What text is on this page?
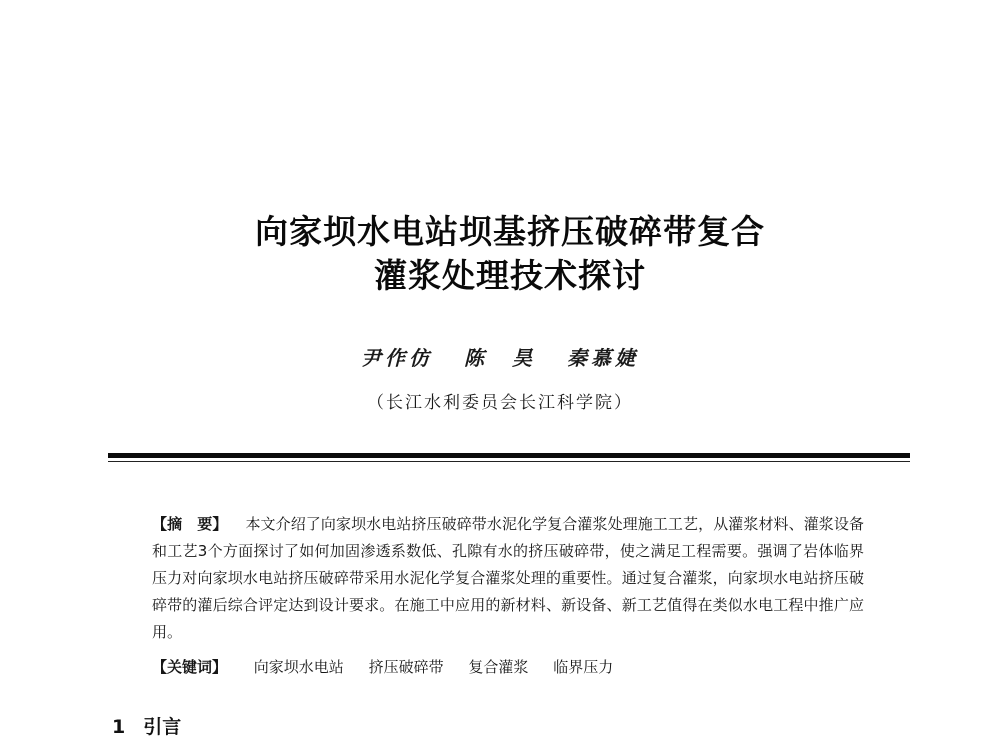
向家坝水电站坝基挤压破碎带复合
灌浆处理技术探讨
尹作仿 陈　昊 秦慕婕
（长江水利委员会长江科学院）
【摘　要】 本文介绍了向家坝水电站挤压破碎带水泥化学复合灌浆处理施工工艺，从灌浆材料、灌浆设备和工艺3个方面探讨了如何加固渗透系数低、孔隙有水的挤压破碎带，使之满足工程需要。强调了岩体临界压力对向家坝水电站挤压破碎带采用水泥化学复合灌浆处理的重要性。通过复合灌浆，向家坝水电站挤压破碎带的灌后综合评定达到设计要求。在施工中应用的新材料、新设备、新工艺值得在类似水电工程中推广应用。
【关键词】 向家坝水电站 挤压破碎带 复合灌浆 临界压力
1 引言
